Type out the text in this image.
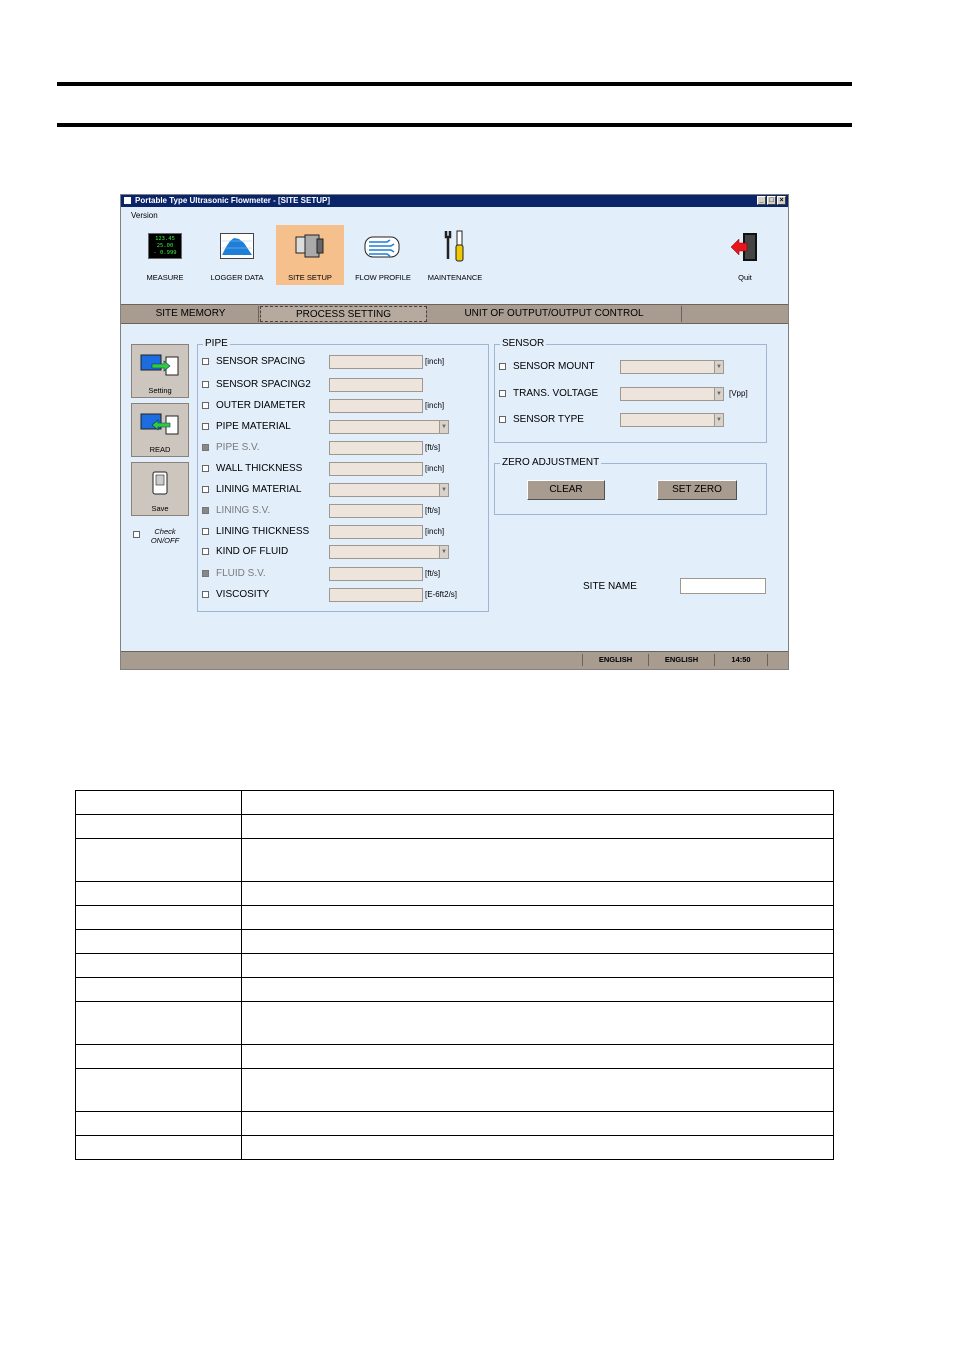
Portable Type Ultrasonic Flowmeter - [SITE SETUP]	_ □ ×
Version
123.45
25.00
- 0.999
MEASURE	LOGGER DATA	SITE SETUP	FLOW PROFILE	MAINTENANCE	Quit
SITE MEMORY	PROCESS SETTING	UNIT OF OUTPUT/OUTPUT CONTROL
Setting
READ
Save
Check
ON/OFF
PIPE
SENSOR SPACING	[inch]
SENSOR SPACING2
OUTER DIAMETER	[inch]
PIPE MATERIAL	▼
PIPE S.V.	[ft/s]
WALL THICKNESS	[inch]
LINING MATERIAL	▼
LINING S.V.	[ft/s]
LINING THICKNESS	[inch]
KIND OF FLUID	▼
FLUID S.V.	[ft/s]
VISCOSITY	[E-6ft2/s]
SENSOR
SENSOR MOUNT	▼
TRANS. VOLTAGE	▼ [Vpp]
SENSOR TYPE	▼
ZERO ADJUSTMENT
CLEAR	SET ZERO
SITE NAME
ENGLISH	ENGLISH	14:50
